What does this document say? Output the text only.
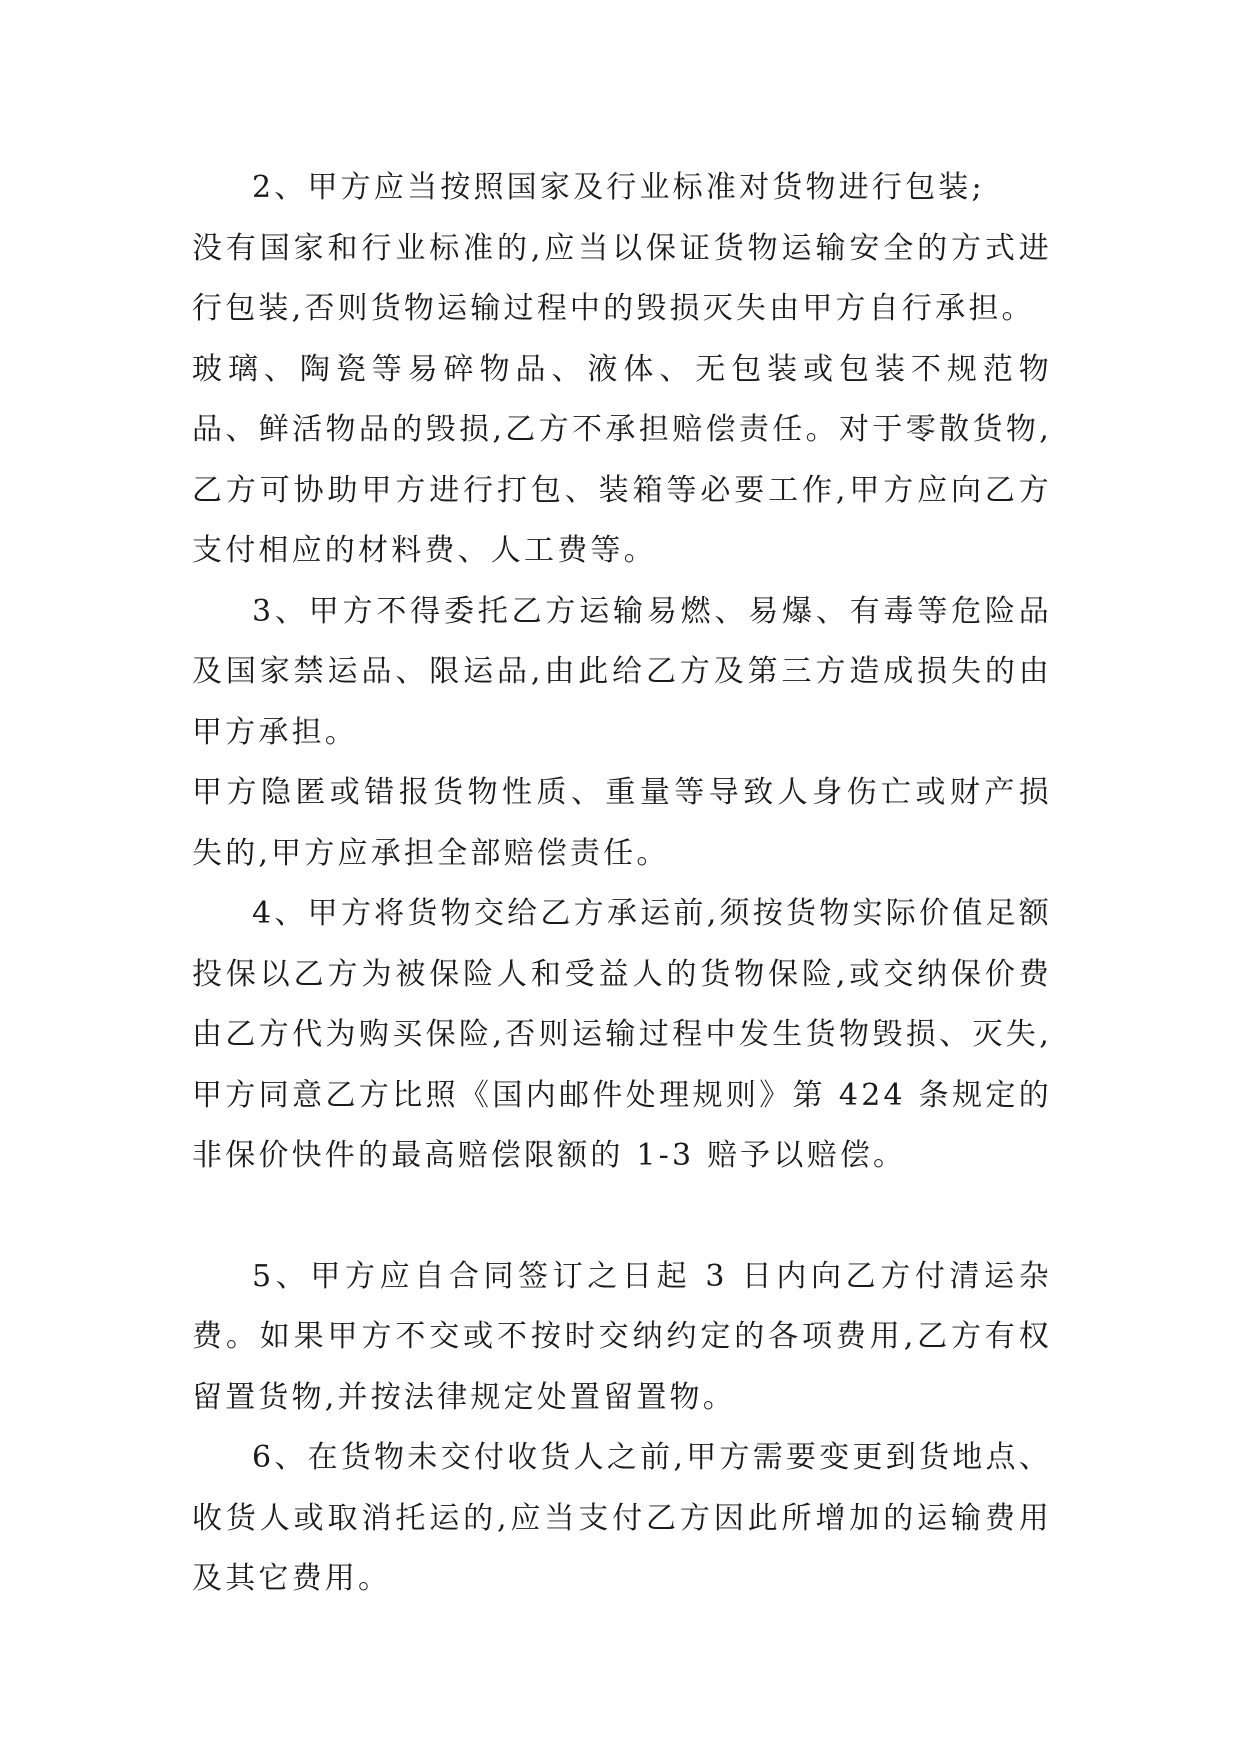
2、甲方应当按照国家及行业标准对货物进行包装;

没有国家和行业标准的,应当以保证货物运输安全的方式进行包装,否则货物运输过程中的毁损灭失由甲方自行承担。

玻璃、陶瓷等易碎物品、液体、无包装或包装不规范物品、鲜活物品的毁损,乙方不承担赔偿责任。对于零散货物,乙方可协助甲方进行打包、装箱等必要工作,甲方应向乙方支付相应的材料费、人工费等。

3、甲方不得委托乙方运输易燃、易爆、有毒等危险品及国家禁运品、限运品,由此给乙方及第三方造成损失的由甲方承担。

甲方隐匿或错报货物性质、重量等导致人身伤亡或财产损失的,甲方应承担全部赔偿责任。

4、甲方将货物交给乙方承运前,须按货物实际价值足额投保以乙方为被保险人和受益人的货物保险,或交纳保价费由乙方代为购买保险,否则运输过程中发生货物毁损、灭失,甲方同意乙方比照《国内邮件处理规则》第 424 条规定的非保价快件的最高赔偿限额的 1-3 赔予以赔偿。

5、甲方应自合同签订之日起 3 日内向乙方付清运杂费。如果甲方不交或不按时交纳约定的各项费用,乙方有权留置货物,并按法律规定处置留置物。

6、在货物未交付收货人之前,甲方需要变更到货地点、收货人或取消托运的,应当支付乙方因此所增加的运输费用及其它费用。
